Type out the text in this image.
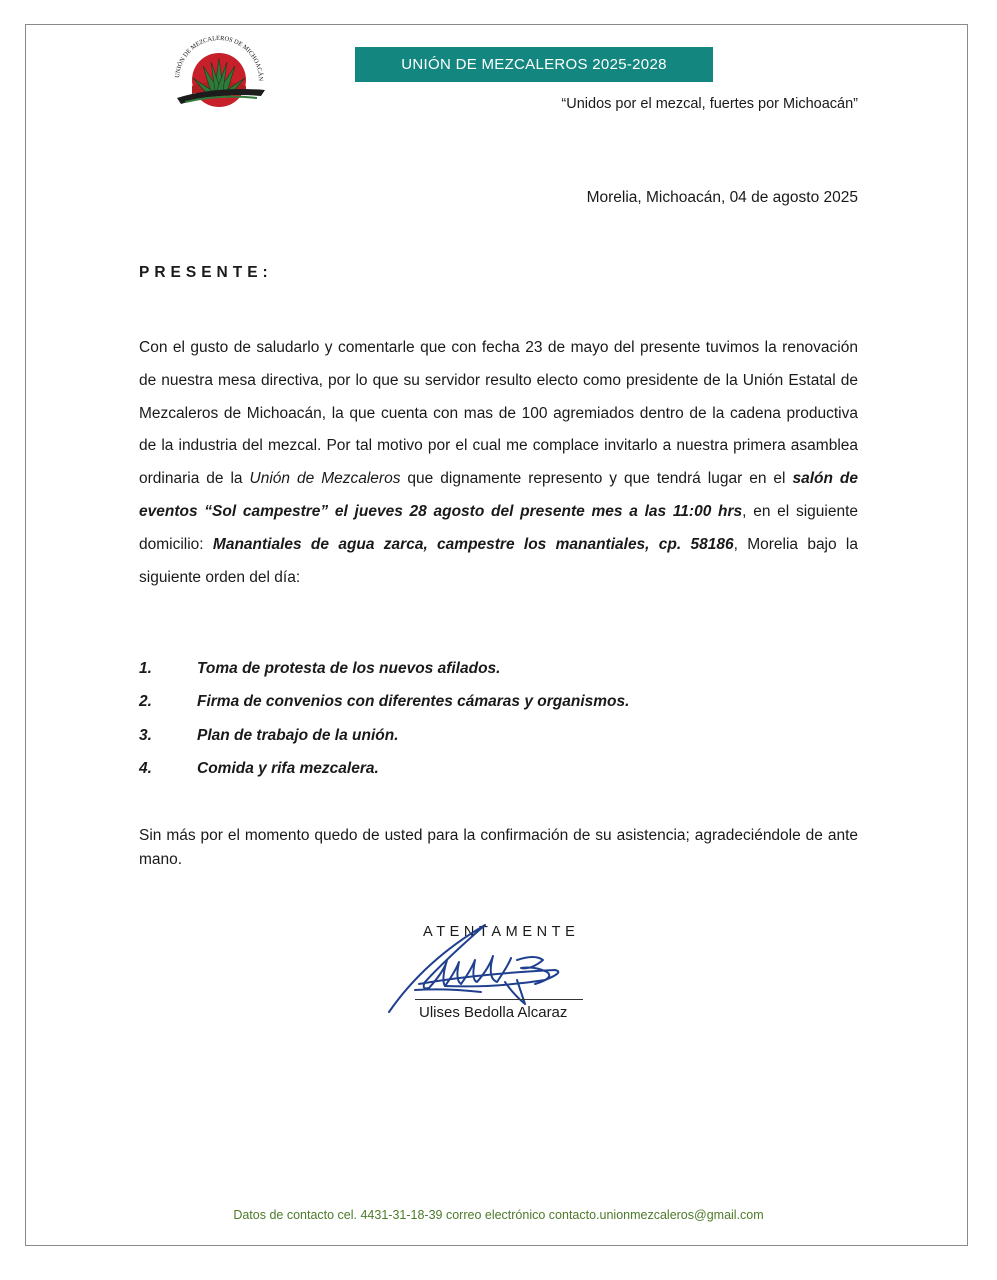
UNIÓN DE MEZCALEROS DE MICHOACÁN
UNIÓN DE MEZCALEROS 2025-2028
“Unidos por el mezcal, fuertes por Michoacán”
Morelia, Michoacán, 04 de agosto 2025
PRESENTE:

Con el gusto de saludarlo y comentarle que con fecha 23 de mayo del presente tuvimos la renovación de nuestra mesa directiva, por lo que su servidor resulto electo como presidente de la Unión Estatal de Mezcaleros de Michoacán, la que cuenta con mas de 100 agremiados dentro de la cadena productiva de la industria del mezcal. Por tal motivo por el cual me complace invitarlo a nuestra primera asamblea ordinaria de la Unión de Mezcaleros que dignamente represento y que tendrá lugar en el salón de eventos “Sol campestre” el jueves 28 agosto del presente mes a las 11:00 hrs, en el siguiente domicilio: Manantiales de agua zarca, campestre los manantiales, cp. 58186, Morelia bajo la siguiente orden del día:

1.	Toma de protesta de los nuevos afilados.
2.	Firma de convenios con diferentes cámaras y organismos.
3.	Plan de trabajo de la unión.
4.	Comida y rifa mezcalera.

Sin más por el momento quedo de usted para la confirmación de su asistencia; agradeciéndole de ante mano.

ATENTAMENTE
Ulises Bedolla Alcaraz
Datos de contacto cel. 4431-31-18-39 correo electrónico contacto.unionmezcaleros@gmail.com
